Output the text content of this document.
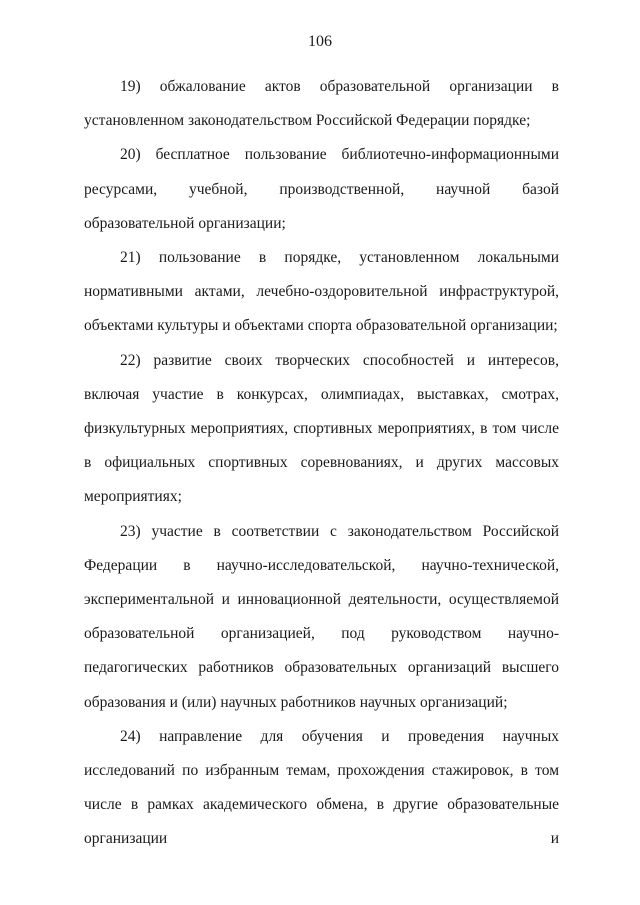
106

19) обжалование актов образовательной организации в установленном законодательством Российской Федерации порядке;

20) бесплатное пользование библиотечно-информационными ресурсами, учебной, производственной, научной базой образовательной организации;

21) пользование в порядке, установленном локальными нормативными актами, лечебно-оздоровительной инфраструктурой, объектами культуры и объектами спорта образовательной организации;

22) развитие своих творческих способностей и интересов, включая участие в конкурсах, олимпиадах, выставках, смотрах, физкультурных мероприятиях, спортивных мероприятиях, в том числе в официальных спортивных соревнованиях, и других массовых мероприятиях;

23) участие в соответствии с законодательством Российской Федерации в научно-исследовательской, научно-технической, экспериментальной и инновационной деятельности, осуществляемой образовательной организацией, под руководством научно-педагогических работников образовательных организаций высшего образования и (или) научных работников научных организаций;

24) направление для обучения и проведения научных исследований по избранным темам, прохождения стажировок, в том числе в рамках академического обмена, в другие образовательные организации и
